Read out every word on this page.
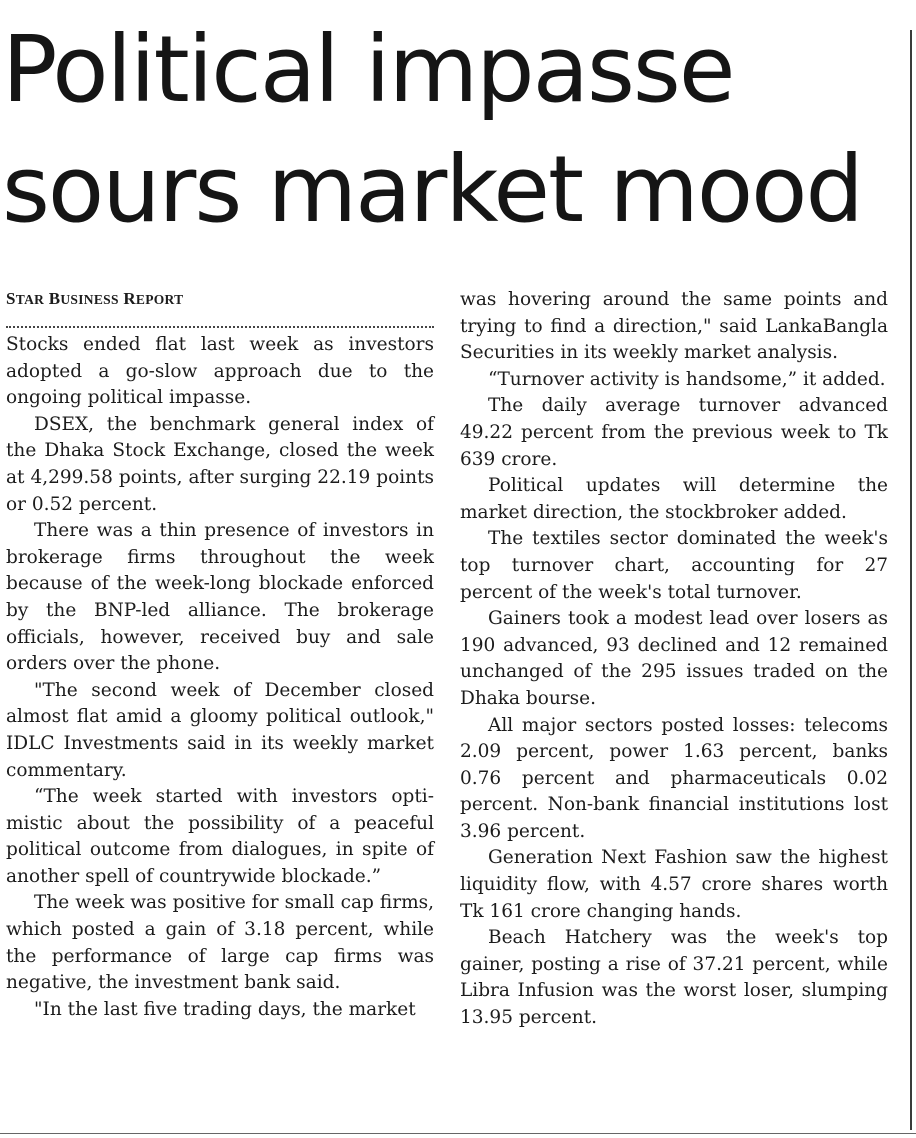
Political impasse
sours market mood
STAR BUSINESS REPORT

Stocks ended flat last week as investors adopted a go-slow approach due to the ongoing political impasse.

DSEX, the benchmark general index of the Dhaka Stock Exchange, closed the week at 4,299.58 points, after surging 22.19 points or 0.52 percent.

There was a thin presence of investors in brokerage firms throughout the week because of the week-long blockade enforced by the BNP-led alliance. The brokerage officials, however, received buy and sale orders over the phone.

"The second week of December closed almost flat amid a gloomy political outlook," IDLC Investments said in its weekly market commentary.

“The week started with investors optimistic about the possibility of a peaceful political outcome from dialogues, in spite of another spell of countrywide blockade.”

The week was positive for small cap firms, which posted a gain of 3.18 percent, while the performance of large cap firms was negative, the investment bank said.

"In the last five trading days, the market

was hovering around the same points and trying to find a direction," said LankaBangla Securities in its weekly market analysis.

“Turnover activity is handsome,” it added.

The daily average turnover advanced 49.22 percent from the previous week to Tk 639 crore.

Political updates will determine the market direction, the stockbroker added.

The textiles sector dominated the week's top turnover chart, accounting for 27 percent of the week's total turnover.

Gainers took a modest lead over losers as 190 advanced, 93 declined and 12 remained unchanged of the 295 issues traded on the Dhaka bourse.

All major sectors posted losses: telecoms 2.09 percent, power 1.63 percent, banks 0.76 percent and pharmaceuticals 0.02 percent. Non-bank financial institutions lost 3.96 percent.

Generation Next Fashion saw the highest liquidity flow, with 4.57 crore shares worth Tk 161 crore changing hands.

Beach Hatchery was the week's top gainer, posting a rise of 37.21 percent, while Libra Infusion was the worst loser, slumping 13.95 percent.
